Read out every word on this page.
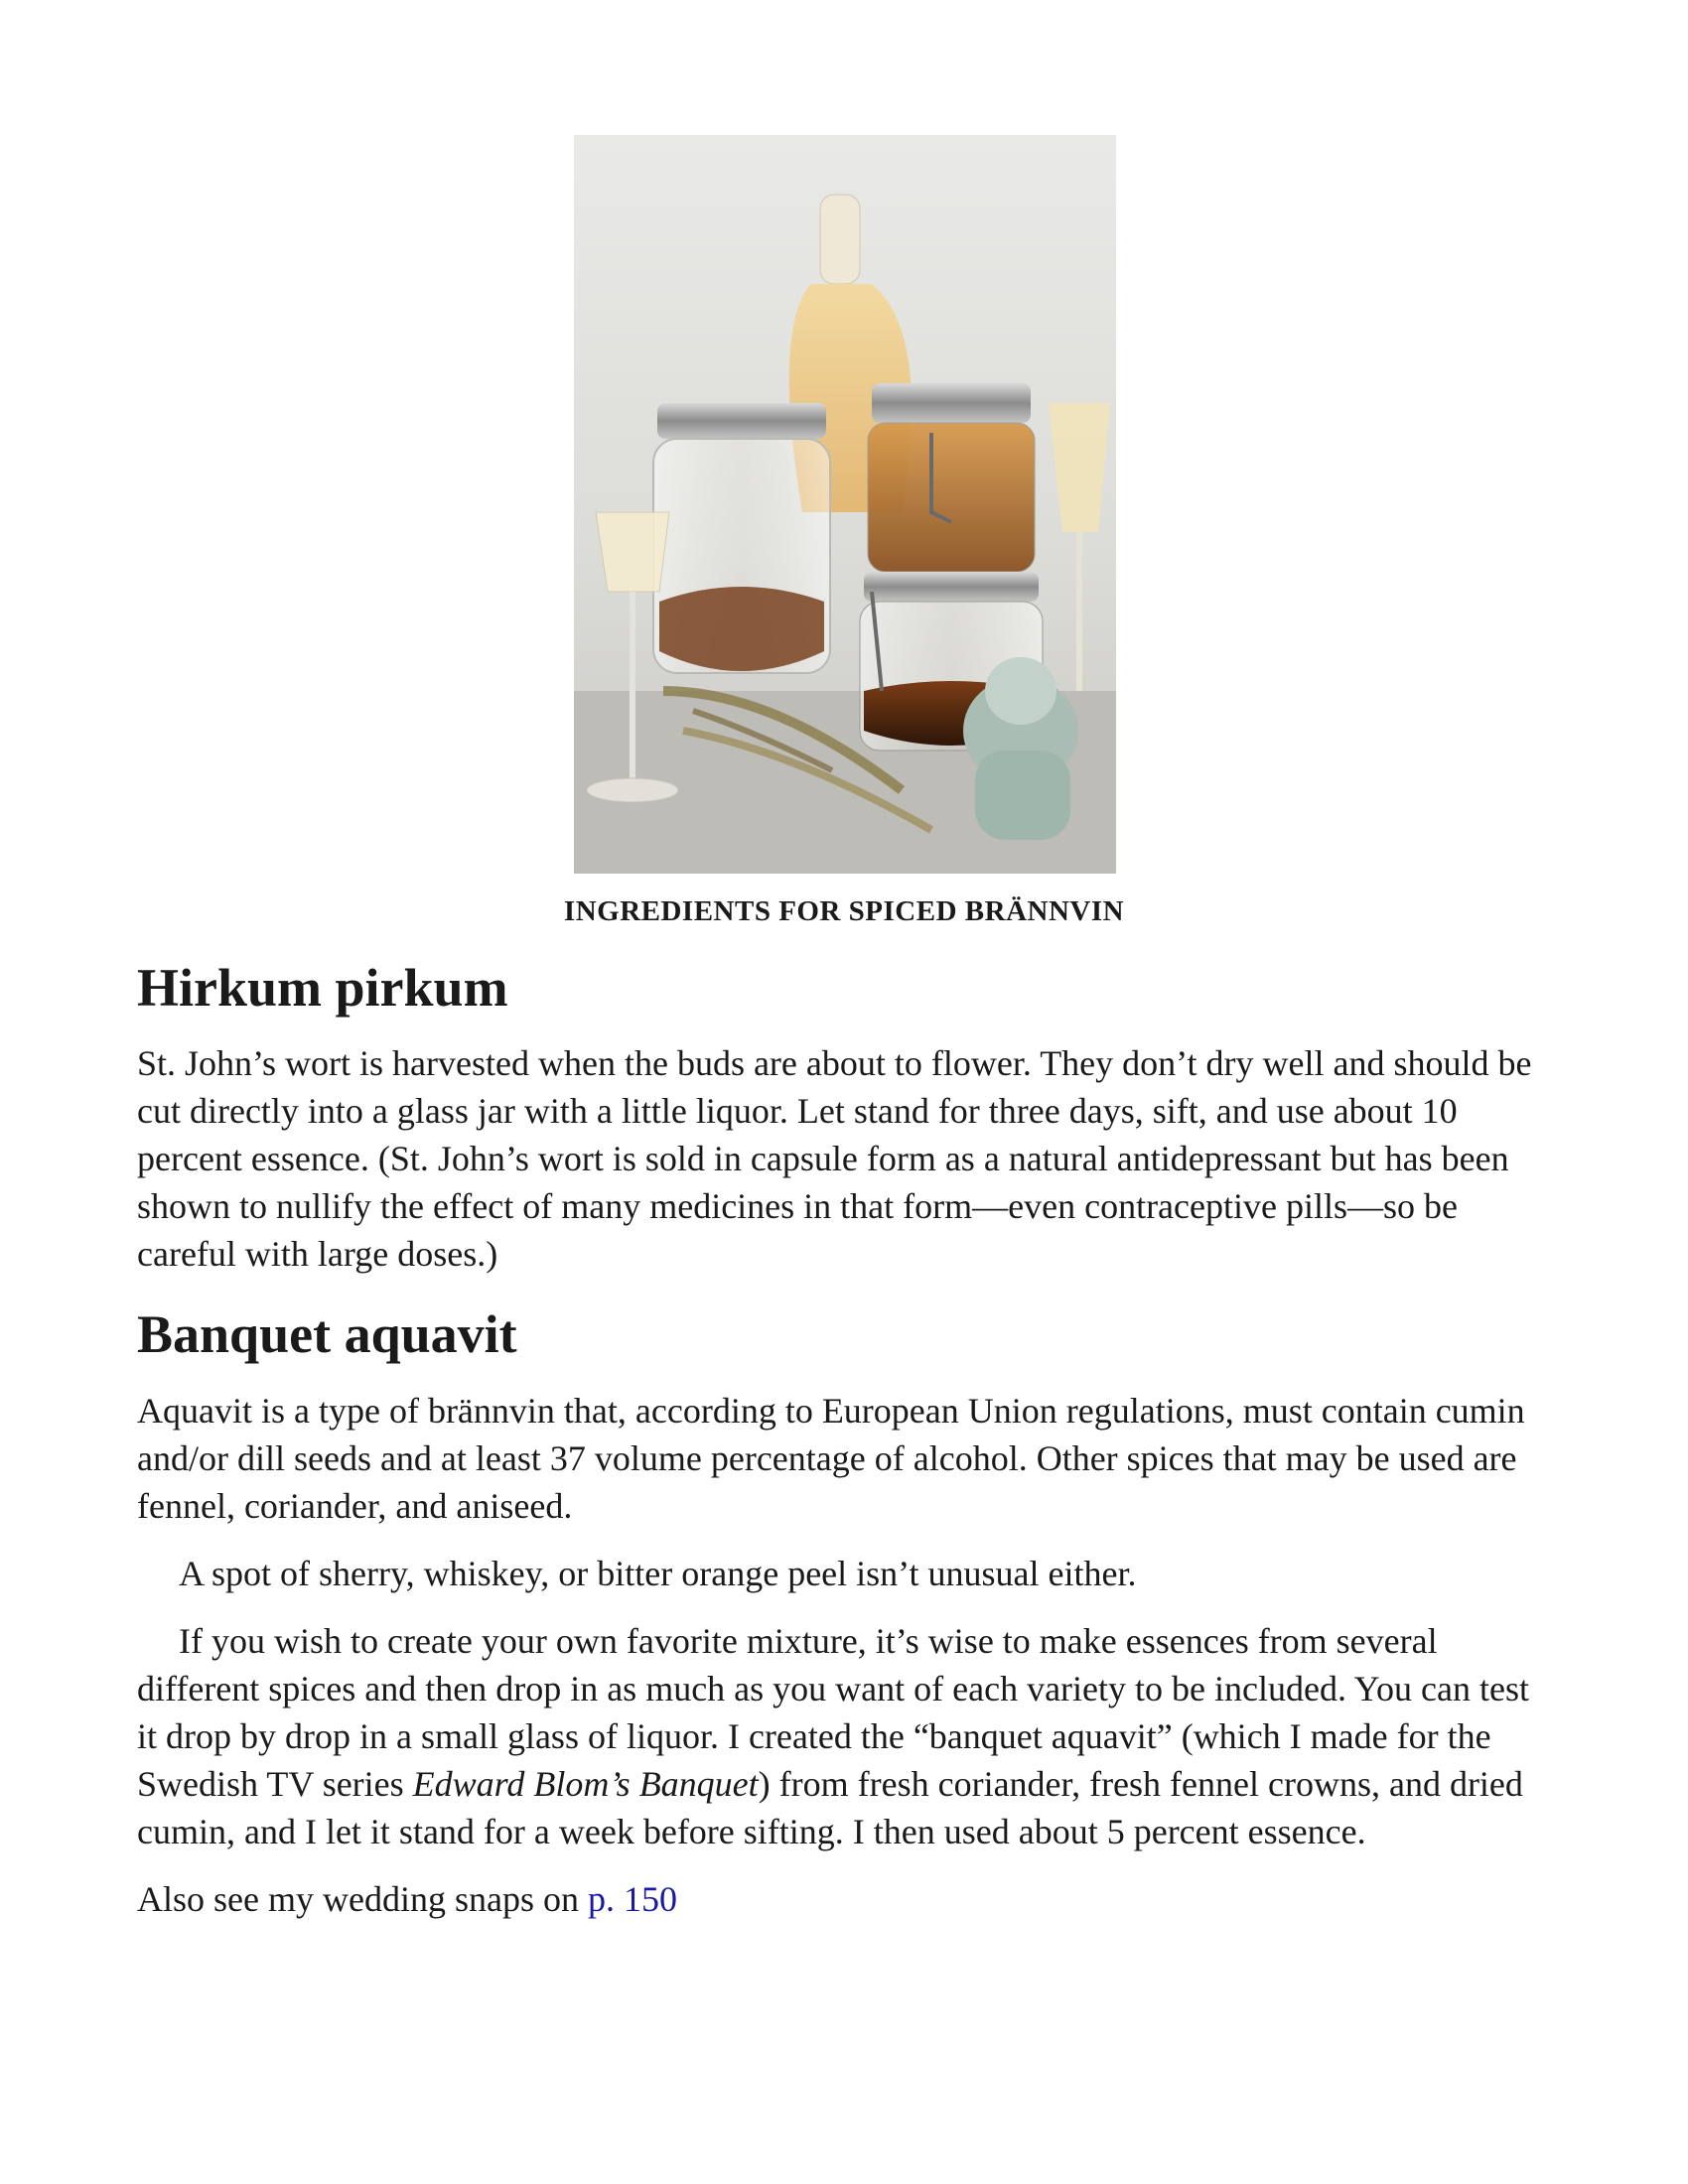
INGREDIENTS FOR SPICED BRÄNNVIN
Hirkum pirkum

St. John’s wort is harvested when the buds are about to flower. They don’t dry well and should be cut directly into a glass jar with a little liquor. Let stand for three days, sift, and use about 10 percent essence. (St. John’s wort is sold in capsule form as a natural antidepressant but has been shown to nullify the effect of many medicines in that form—even contraceptive pills—so be careful with large doses.)

Banquet aquavit

Aquavit is a type of brännvin that, according to European Union regulations, must contain cumin and/or dill seeds and at least 37 volume percentage of alcohol. Other spices that may be used are fennel, coriander, and aniseed.

A spot of sherry, whiskey, or bitter orange peel isn’t unusual either.

If you wish to create your own favorite mixture, it’s wise to make essences from several different spices and then drop in as much as you want of each variety to be included. You can test it drop by drop in a small glass of liquor. I created the “banquet aquavit” (which I made for the Swedish TV series Edward Blom’s Banquet) from fresh coriander, fresh fennel crowns, and dried cumin, and I let it stand for a week before sifting. I then used about 5 percent essence.

Also see my wedding snaps on p. 150
